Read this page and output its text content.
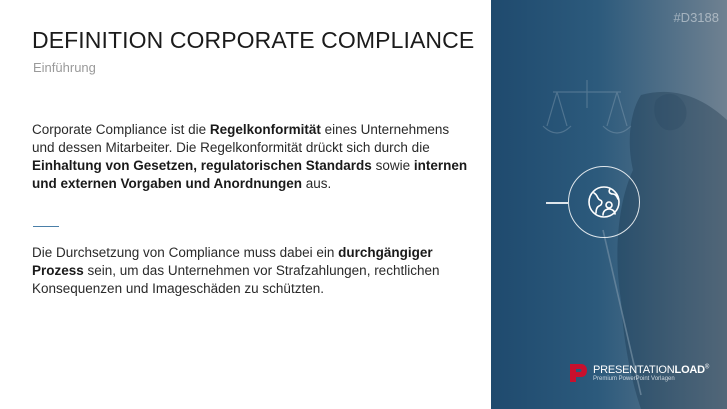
DEFINITION CORPORATE COMPLIANCE
Einführung
Corporate Compliance ist die Regelkonformität eines Unternehmens und dessen Mitarbeiter. Die Regelkonformität drückt sich durch die Einhaltung von Gesetzen, regulatorischen Standards sowie internen und externen Vorgaben und Anordnungen aus.
Die Durchsetzung von Compliance muss dabei ein durchgängiger Prozess sein, um das Unternehmen vor Strafzahlungen, rechtlichen Konsequenzen und Imageschäden zu schützten.
#D3188
PRESENTATIONLOAD®
Premium PowerPoint Vorlagen
